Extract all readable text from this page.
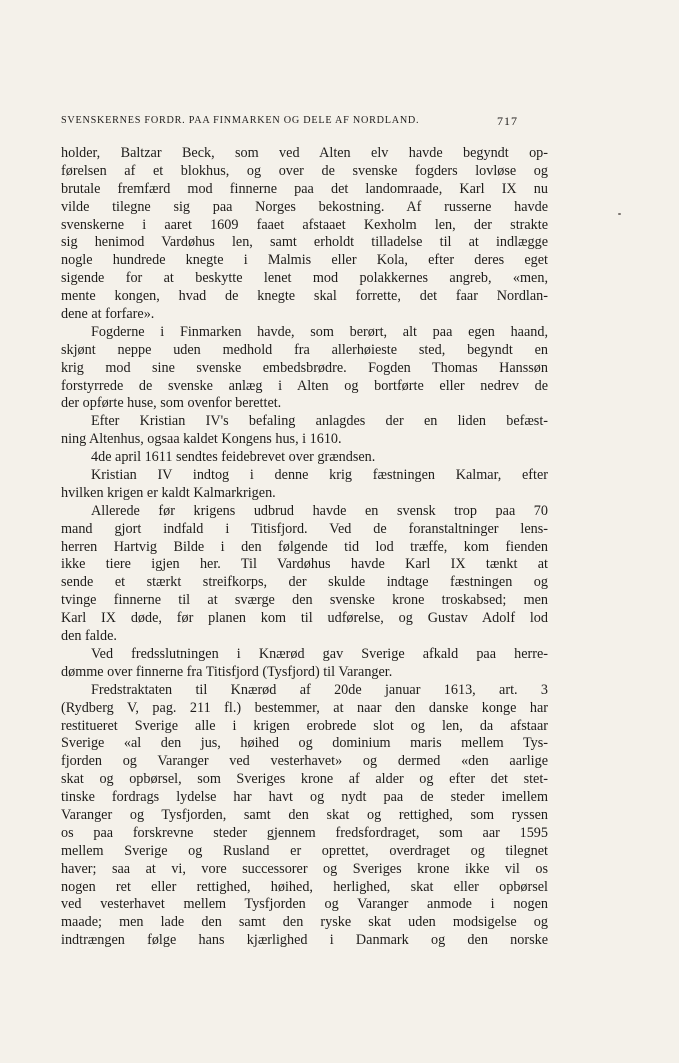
SVENSKERNES FORDR. PAA FINMARKEN OG DELE AF NORDLAND.	717
holder, Baltzar Beck, som ved Alten elv havde begyndt op-
førelsen af et blokhus, og over de svenske fogders lovløse og
brutale fremfærd mod finnerne paa det landomraade, Karl IX nu
vilde tilegne sig paa Norges bekostning. Af russerne havde
svenskerne i aaret 1609 faaet afstaaet Kexholm len, der strakte
sig henimod Vardøhus len, samt erholdt tilladelse til at indlægge
nogle hundrede knegte i Malmis eller Kola, efter deres eget
sigende for at beskytte lenet mod polakkernes angreb, «men,
mente kongen, hvad de knegte skal forrette, det faar Nordlan-
dene at forfare».
Fogderne i Finmarken havde, som berørt, alt paa egen haand,
skjønt neppe uden medhold fra allerhøieste sted, begyndt en
krig mod sine svenske embedsbrødre. Fogden Thomas Hanssøn
forstyrrede de svenske anlæg i Alten og bortførte eller nedrev de
der opførte huse, som ovenfor berettet.
Efter Kristian IV's befaling anlagdes der en liden befæst-
ning Altenhus, ogsaa kaldet Kongens hus, i 1610.
4de april 1611 sendtes feidebrevet over grændsen.
Kristian IV indtog i denne krig fæstningen Kalmar, efter
hvilken krigen er kaldt Kalmarkrigen.
Allerede før krigens udbrud havde en svensk trop paa 70
mand gjort indfald i Titisfjord. Ved de foranstaltninger lens-
herren Hartvig Bilde i den følgende tid lod træffe, kom fienden
ikke tiere igjen her. Til Vardøhus havde Karl IX tænkt at
sende et stærkt streifkorps, der skulde indtage fæstningen og
tvinge finnerne til at sværge den svenske krone troskabsed; men
Karl IX døde, før planen kom til udførelse, og Gustav Adolf lod
den falde.
Ved fredsslutningen i Knærød gav Sverige afkald paa herre-
dømme over finnerne fra Titisfjord (Tysfjord) til Varanger.
Fredstraktaten til Knærød af 20de januar 1613, art. 3
(Rydberg V, pag. 211 fl.) bestemmer, at naar den danske konge har
restitueret Sverige alle i krigen erobrede slot og len, da afstaar
Sverige «al den jus, høihed og dominium maris mellem Tys-
fjorden og Varanger ved vesterhavet» og dermed «den aarlige
skat og opbørsel, som Sveriges krone af alder og efter det stet-
tinske fordrags lydelse har havt og nydt paa de steder imellem
Varanger og Tysfjorden, samt den skat og rettighed, som ryssen
os paa forskrevne steder gjennem fredsfordraget, som aar 1595
mellem Sverige og Rusland er oprettet, overdraget og tilegnet
haver; saa at vi, vore successorer og Sveriges krone ikke vil os
nogen ret eller rettighed, høihed, herlighed, skat eller opbørsel
ved vesterhavet mellem Tysfjorden og Varanger anmode i nogen
maade; men lade den samt den ryske skat uden modsigelse og
indtrængen følge hans kjærlighed i Danmark og den norske
